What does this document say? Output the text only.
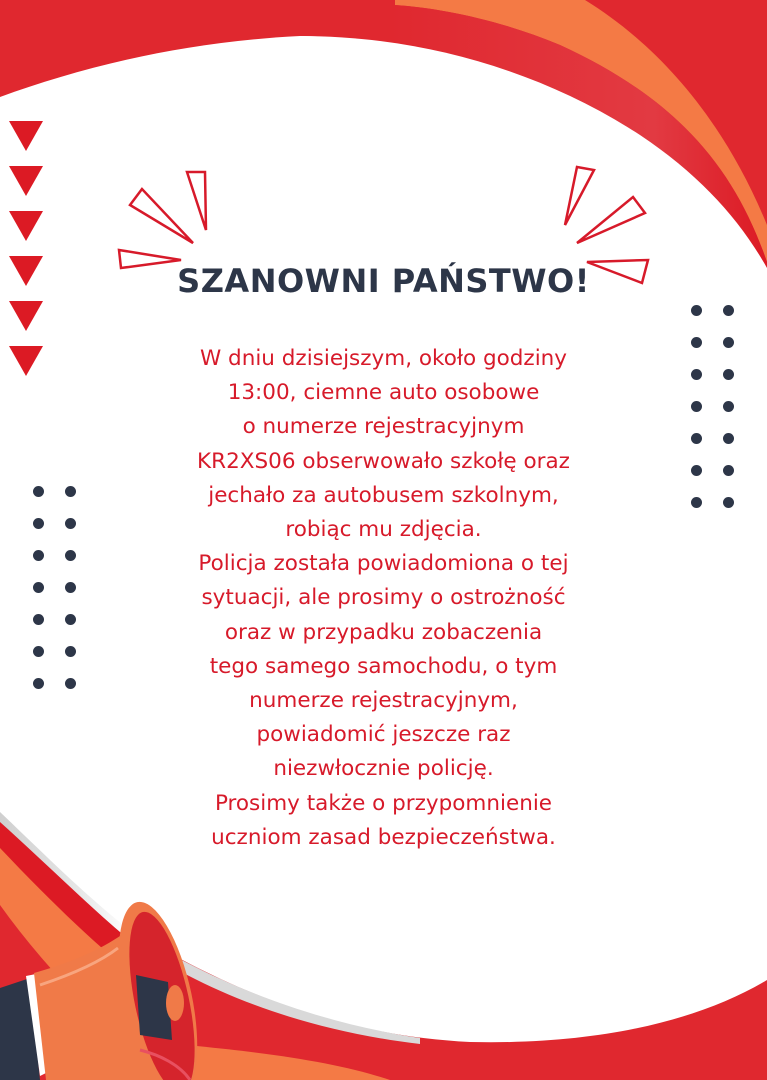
SZANOWNI PAŃSTWO!
W dniu dzisiejszym, około godziny
13:00, ciemne auto osobowe
o numerze rejestracyjnym
KR2XS06 obserwowało szkołę oraz
jechało za autobusem szkolnym,
robiąc mu zdjęcia.
Policja została powiadomiona o tej
sytuacji, ale prosimy o ostrożność
oraz w przypadku zobaczenia
tego samego samochodu, o tym
numerze rejestracyjnym,
powiadomić jeszcze raz
niezwłocznie policję.
Prosimy także o przypomnienie
uczniom zasad bezpieczeństwa.
